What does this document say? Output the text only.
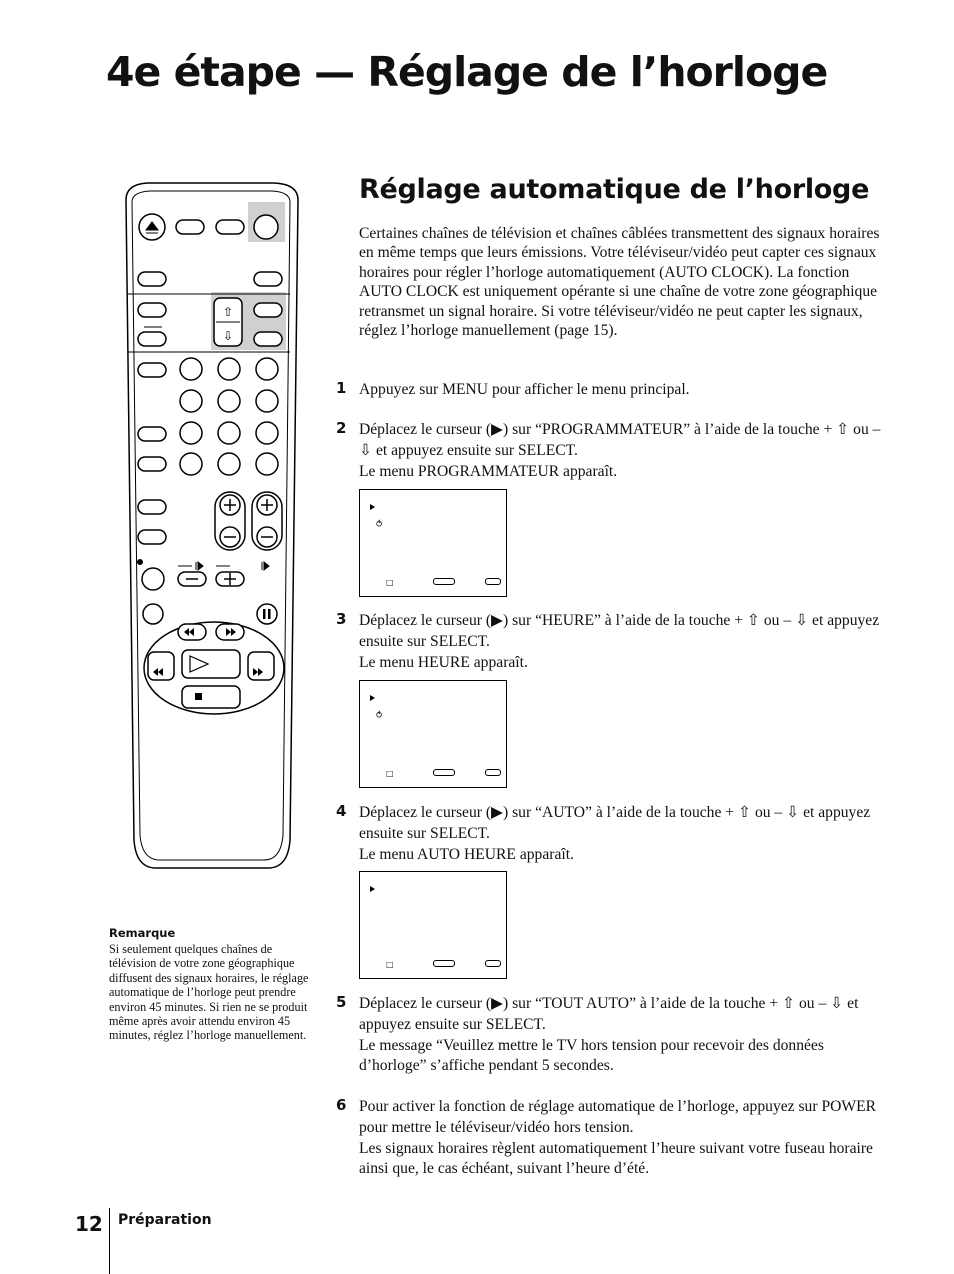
4e étape — Réglage de l’horloge
⇧
⇩
Réglage automatique de l’horloge

Certaines chaînes de télévision et chaînes câblées transmettent des signaux horaires en même temps que leurs émissions. Votre téléviseur/vidéo peut capter ces signaux horaires pour régler l’horloge automatiquement (AUTO CLOCK). La fonction AUTO CLOCK est uniquement opérante si une chaîne de votre zone géographique retransmet un signal horaire. Si votre téléviseur/vidéo ne peut capter les signaux, réglez l’horloge manuellement (page 15).

1 Appuyez sur MENU pour afficher le menu principal.
2 Déplacez le curseur (▶) sur “PROGRAMMATEUR” à l’aide de la touche + ⇧ ou – ⇩ et appuyez ensuite sur SELECT.
Le menu PROGRAMMATEUR apparaît.
⥀
□
3 Déplacez le curseur (▶) sur “HEURE” à l’aide de la touche + ⇧ ou – ⇩ et appuyez ensuite sur SELECT.
Le menu HEURE apparaît.
⥀
□
4 Déplacez le curseur (▶) sur “AUTO” à l’aide de la touche + ⇧ ou – ⇩ et appuyez ensuite sur SELECT.
Le menu AUTO HEURE apparaît.
□
5 Déplacez le curseur (▶) sur “TOUT AUTO” à l’aide de la touche + ⇧ ou – ⇩ et appuyez ensuite sur SELECT.
Le message “Veuillez mettre le TV hors tension pour recevoir des données d’horloge” s’affiche pendant 5 secondes.
6 Pour activer la fonction de réglage automatique de l’horloge, appuyez sur POWER pour mettre le téléviseur/vidéo hors tension.
Les signaux horaires règlent automatiquement l’heure suivant votre fuseau horaire ainsi que, le cas échéant, suivant l’heure d’été.

Remarque

Si seulement quelques chaînes de télévision de votre zone géographique diffusent des signaux horaires, le réglage automatique de l’horloge peut prendre environ 45 minutes. Si rien ne se produit même après avoir attendu environ 45 minutes, réglez l’horloge manuellement.

12 Préparation
